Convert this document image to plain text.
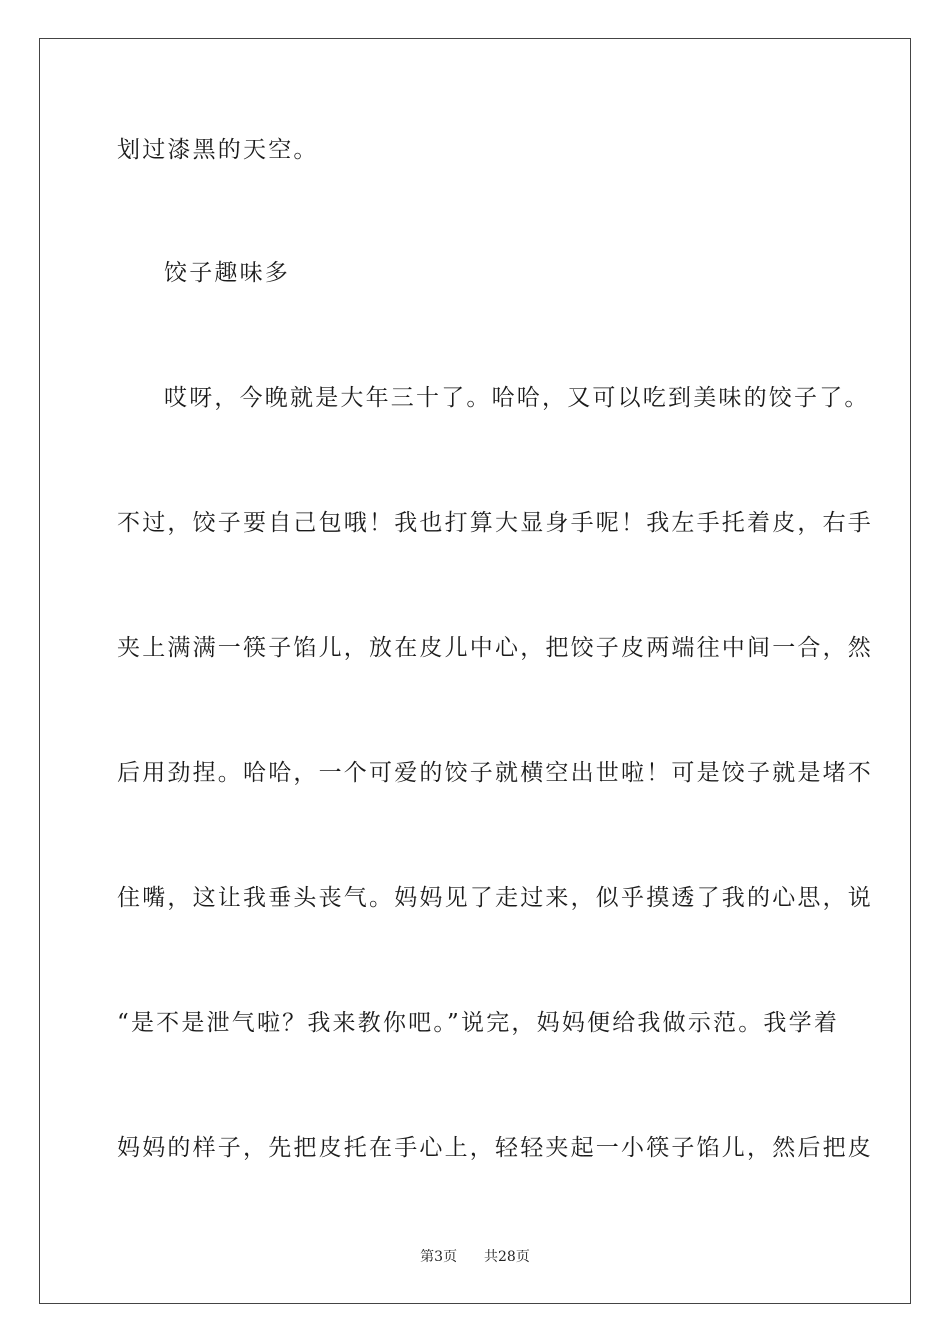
划过漆黑的天空。
饺子趣味多
哎呀，今晚就是大年三十了。哈哈，又可以吃到美味的饺子了。
不过，饺子要自己包哦！我也打算大显身手呢！我左手托着皮，右手
夹上满满一筷子馅儿，放在皮儿中心，把饺子皮两端往中间一合，然
后用劲捏。哈哈，一个可爱的饺子就横空出世啦！可是饺子就是堵不
住嘴，这让我垂头丧气。妈妈见了走过来，似乎摸透了我的心思，说
“是不是泄气啦？我来教你吧。”说完，妈妈便给我做示范。我学着
妈妈的样子，先把皮托在手心上，轻轻夹起一小筷子馅儿，然后把皮
第3页 共28页
